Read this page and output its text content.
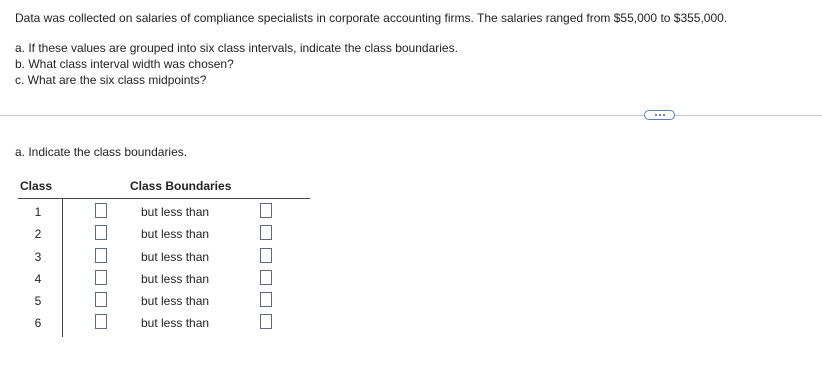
Data was collected on salaries of compliance specialists in corporate accounting firms. The salaries ranged from $55,000 to $355,000.
a. If these values are grouped into six class intervals, indicate the class boundaries.
b. What class interval width was chosen?
c. What are the six class midpoints?
a. Indicate the class boundaries.
Class	Class Boundaries
1	but less than
2	but less than
3	but less than
4	but less than
5	but less than
6	but less than
